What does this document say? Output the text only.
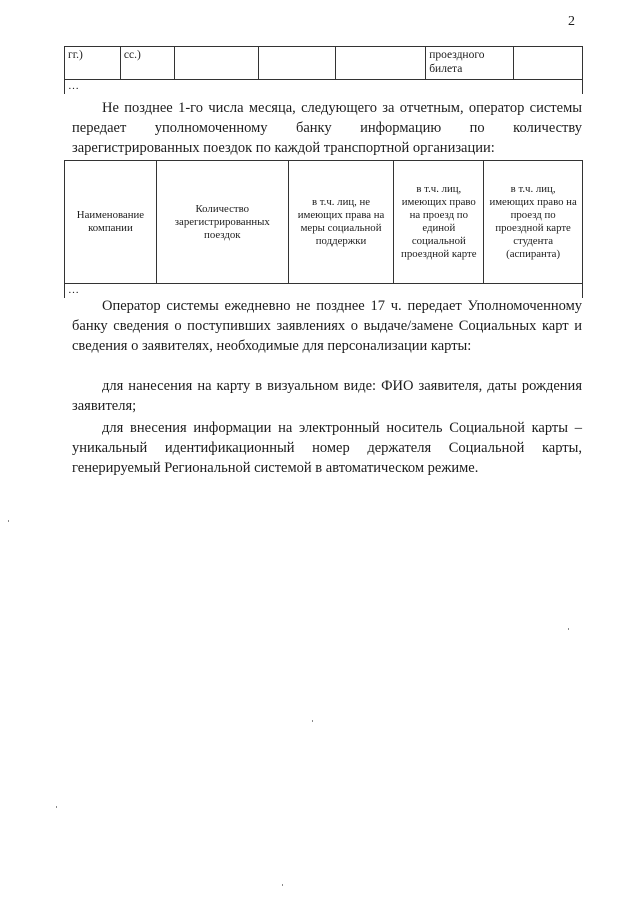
2
гг.)	сс.)				проездного билета	
…

Не позднее 1-го числа месяца, следующего за отчетным, оператор системы передает уполномоченному банку информацию по количеству зарегистрированных поездок по каждой транспортной организации:

Наименование компании	Количество зарегистрированных поездок	в т.ч. лиц, не имеющих права на меры социальной поддержки	в т.ч. лиц, имеющих право на проезд по единой социальной проездной карте	в т.ч. лиц, имеющих право на проезд по проездной карте студента (аспиранта)
…

Оператор системы ежедневно не позднее 17 ч. передает Уполномоченному банку сведения о поступивших заявлениях о выдаче/замене Социальных карт и сведения о заявителях, необходимые для персонализации карты:

для нанесения на карту в визуальном виде: ФИО заявителя, даты рождения заявителя;

для внесения информации на электронный носитель Социальной карты – уникальный идентификационный номер держателя Социальной карты, генерируемый Региональной системой в автоматическом режиме.
